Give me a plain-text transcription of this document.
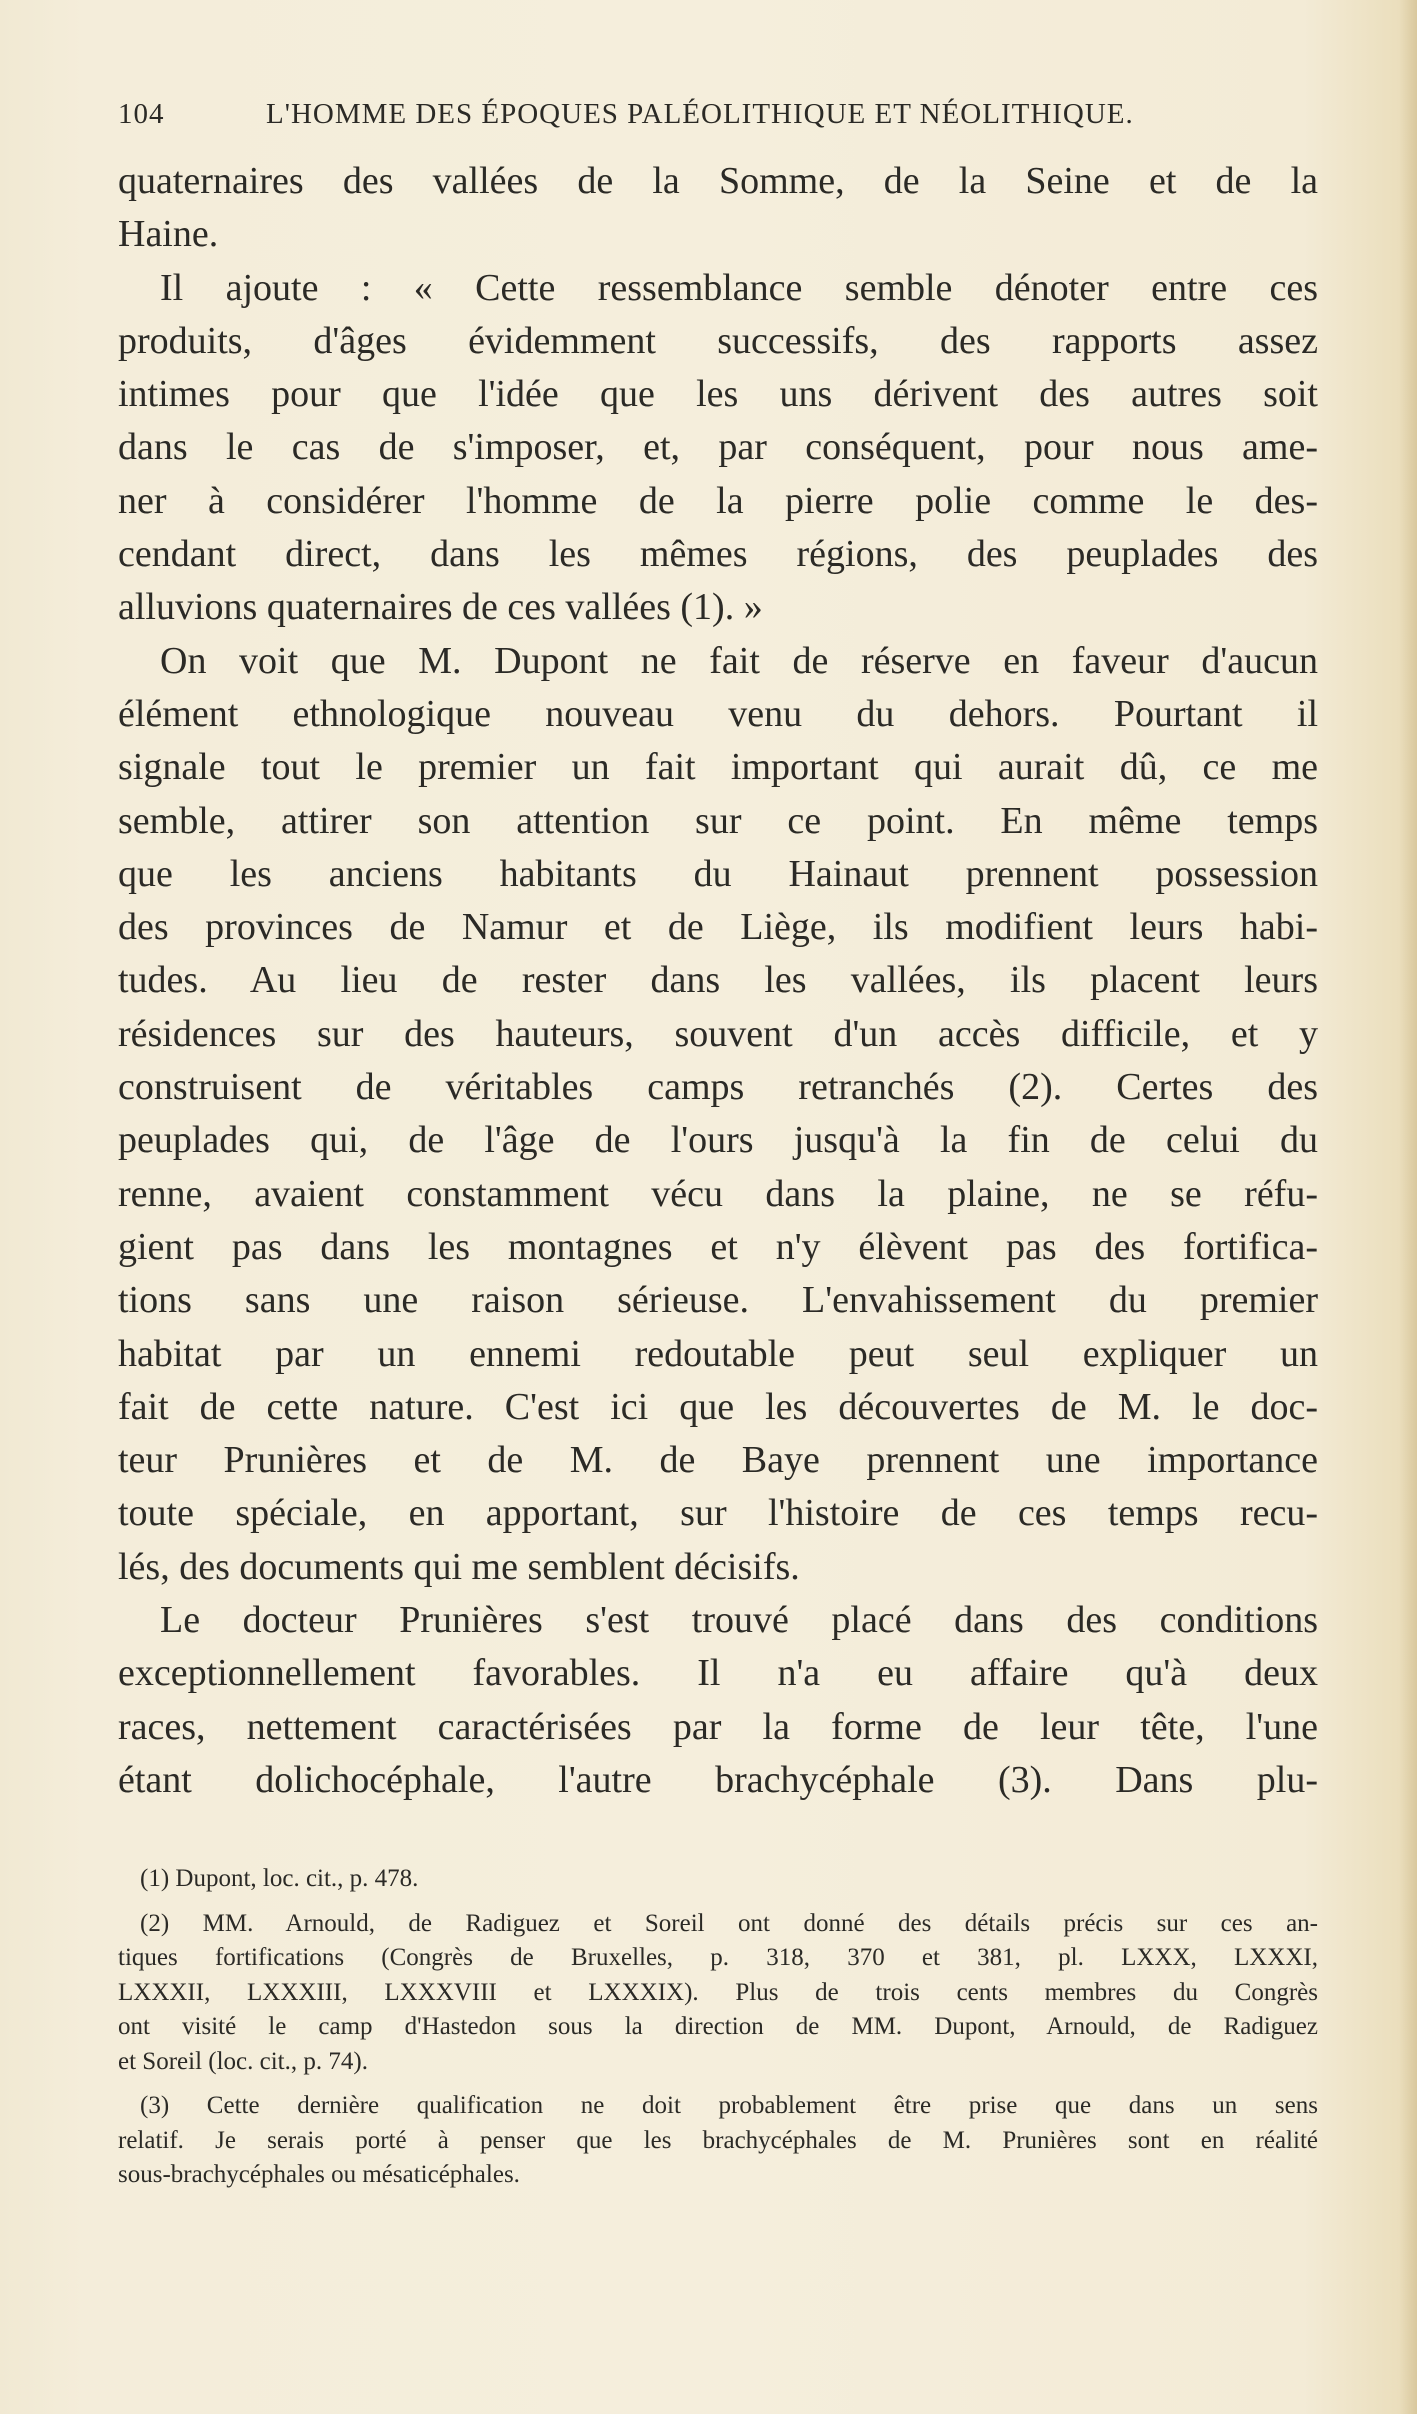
104	L'HOMME DES ÉPOQUES PALÉOLITHIQUE ET NÉOLITHIQUE.
quaternaires des vallées de la Somme, de la Seine et de la
Haine.
Il ajoute : « Cette ressemblance semble dénoter entre ces
produits, d'âges évidemment successifs, des rapports assez
intimes pour que l'idée que les uns dérivent des autres soit
dans le cas de s'imposer, et, par conséquent, pour nous ame-
ner à considérer l'homme de la pierre polie comme le des-
cendant direct, dans les mêmes régions, des peuplades des
alluvions quaternaires de ces vallées (1). »
On voit que M. Dupont ne fait de réserve en faveur d'aucun
élément ethnologique nouveau venu du dehors. Pourtant il
signale tout le premier un fait important qui aurait dû, ce me
semble, attirer son attention sur ce point. En même temps
que les anciens habitants du Hainaut prennent possession
des provinces de Namur et de Liège, ils modifient leurs habi-
tudes. Au lieu de rester dans les vallées, ils placent leurs
résidences sur des hauteurs, souvent d'un accès difficile, et y
construisent de véritables camps retranchés (2). Certes des
peuplades qui, de l'âge de l'ours jusqu'à la fin de celui du
renne, avaient constamment vécu dans la plaine, ne se réfu-
gient pas dans les montagnes et n'y élèvent pas des fortifica-
tions sans une raison sérieuse. L'envahissement du premier
habitat par un ennemi redoutable peut seul expliquer un
fait de cette nature. C'est ici que les découvertes de M. le doc-
teur Prunières et de M. de Baye prennent une importance
toute spéciale, en apportant, sur l'histoire de ces temps recu-
lés, des documents qui me semblent décisifs.
Le docteur Prunières s'est trouvé placé dans des conditions
exceptionnellement favorables. Il n'a eu affaire qu'à deux
races, nettement caractérisées par la forme de leur tête, l'une
étant dolichocéphale, l'autre brachycéphale (3). Dans plu-
(1) Dupont, loc. cit., p. 478.
(2) MM. Arnould, de Radiguez et Soreil ont donné des détails précis sur ces an-
tiques fortifications (Congrès de Bruxelles, p. 318, 370 et 381, pl. LXXX, LXXXI,
LXXXII, LXXXIII, LXXXVIII et LXXXIX). Plus de trois cents membres du Congrès
ont visité le camp d'Hastedon sous la direction de MM. Dupont, Arnould, de Radiguez
et Soreil (loc. cit., p. 74).
(3) Cette dernière qualification ne doit probablement être prise que dans un sens
relatif. Je serais porté à penser que les brachycéphales de M. Prunières sont en réalité
sous-brachycéphales ou mésaticéphales.
